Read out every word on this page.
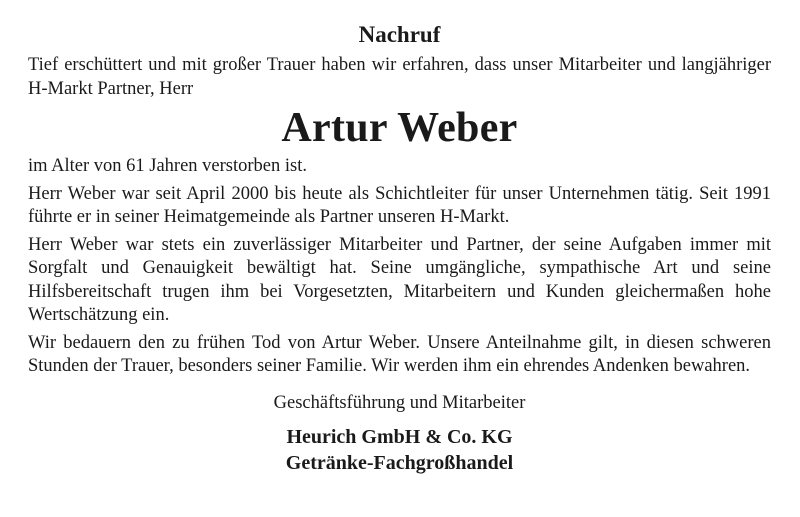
Nachruf

Tief erschüttert und mit großer Trauer haben wir erfahren, dass unser Mitarbeiter und langjähriger H-Markt Partner, Herr

Artur Weber

im Alter von 61 Jahren verstorben ist.

Herr Weber war seit April 2000 bis heute als Schichtleiter für unser Unternehmen tätig. Seit 1991 führte er in seiner Heimatgemeinde als Partner unseren H-Markt.

Herr Weber war stets ein zuverlässiger Mitarbeiter und Partner, der seine Aufgaben immer mit Sorgfalt und Genauigkeit bewältigt hat. Seine umgängliche, sympathische Art und seine Hilfsbereitschaft trugen ihm bei Vorgesetzten, Mitarbeitern und Kunden gleichermaßen hohe Wertschätzung ein.

Wir bedauern den zu frühen Tod von Artur Weber. Unsere Anteilnahme gilt, in diesen schweren Stunden der Trauer, besonders seiner Familie. Wir werden ihm ein ehrendes Andenken bewahren.

Geschäftsführung und Mitarbeiter
Heurich GmbH & Co. KG
Getränke-Fachgroßhandel
